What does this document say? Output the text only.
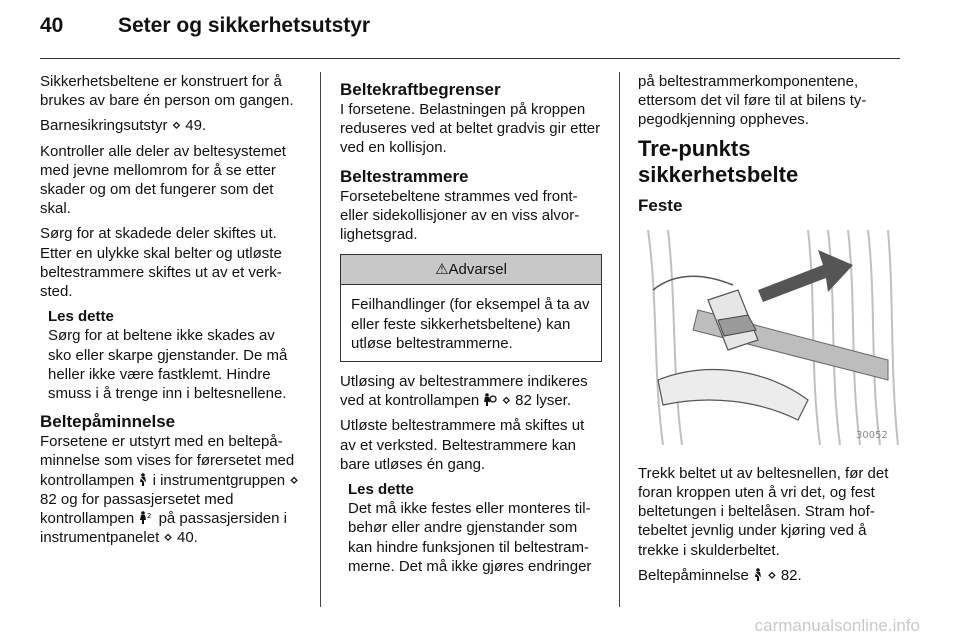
40	Seter og sikkerhetsutstyr

Sikkerhetsbeltene er konstruert for å brukes av bare én person om gangen.

Barnesikringsutstyr ⋄ 49.

Kontroller alle deler av beltesystemet med jevne mellomrom for å se etter skader og om det fungerer som det skal.

Sørg for at skadede deler skiftes ut. Etter en ulykke skal belter og utløste beltestrammere skiftes ut av et verksted.

Les dette
Sørg for at beltene ikke skades av sko eller skarpe gjenstander. De må heller ikke være fastklemt. Hindre smuss i å trenge inn i beltesnellene.
Beltepåminnelse

Forsetene er utstyrt med en beltepåminnelse som vises for førersetet med kontrollampen i instrumentgruppen ⋄ 82 og for passasjersetet med kontrollampen 2 på passasjersiden i instrumentpanelet ⋄ 40.

Beltekraftbegrenser

I forsetene. Belastningen på kroppen reduseres ved at beltet gradvis gir etter ved en kollisjon.

Beltestrammere

Forsetebeltene strammes ved front- eller sidekollisjoner av en viss alvorlighetsgrad.

⚠Advarsel
Feilhandlinger (for eksempel å ta av eller feste sikkerhetsbeltene) kan utløse beltestrammerne.

Utløsing av beltestrammere indikeres ved at kontrollampen ⋄ 82 lyser.

Utløste beltestrammere må skiftes ut av et verksted. Beltestrammere kan bare utløses én gang.

Les dette
Det må ikke festes eller monteres tilbehør eller andre gjenstander som kan hindre funksjonen til beltestrammerne. Det må ikke gjøres endringer

på beltestrammerkomponentene, ettersom det vil føre til at bilens typegodkjenning oppheves.

Tre-punkts sikkerhetsbelte
Feste
30052

Trekk beltet ut av beltesnellen, før det foran kroppen uten å vri det, og fest beltetungen i beltelåsen. Stram hoftebeltet jevnlig under kjøring ved å trekke i skulderbeltet.

Beltepåminnelse ⋄ 82.

carmanualsonline.info
